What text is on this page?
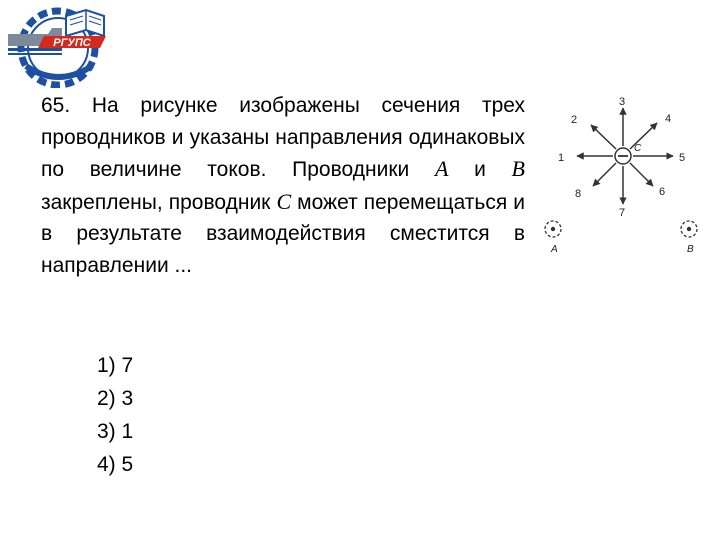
РГУПС

65. На рисунке изображены сечения трех проводников и указаны направления одинаковых по величине токов. Проводники А и В закреплены, проводник С может перемещаться и в результате взаимодействия сместится в направлении ...

1) 7
2) 3
3) 1
4) 5
1
2
3
4
5
6
7
8
С
А	В
